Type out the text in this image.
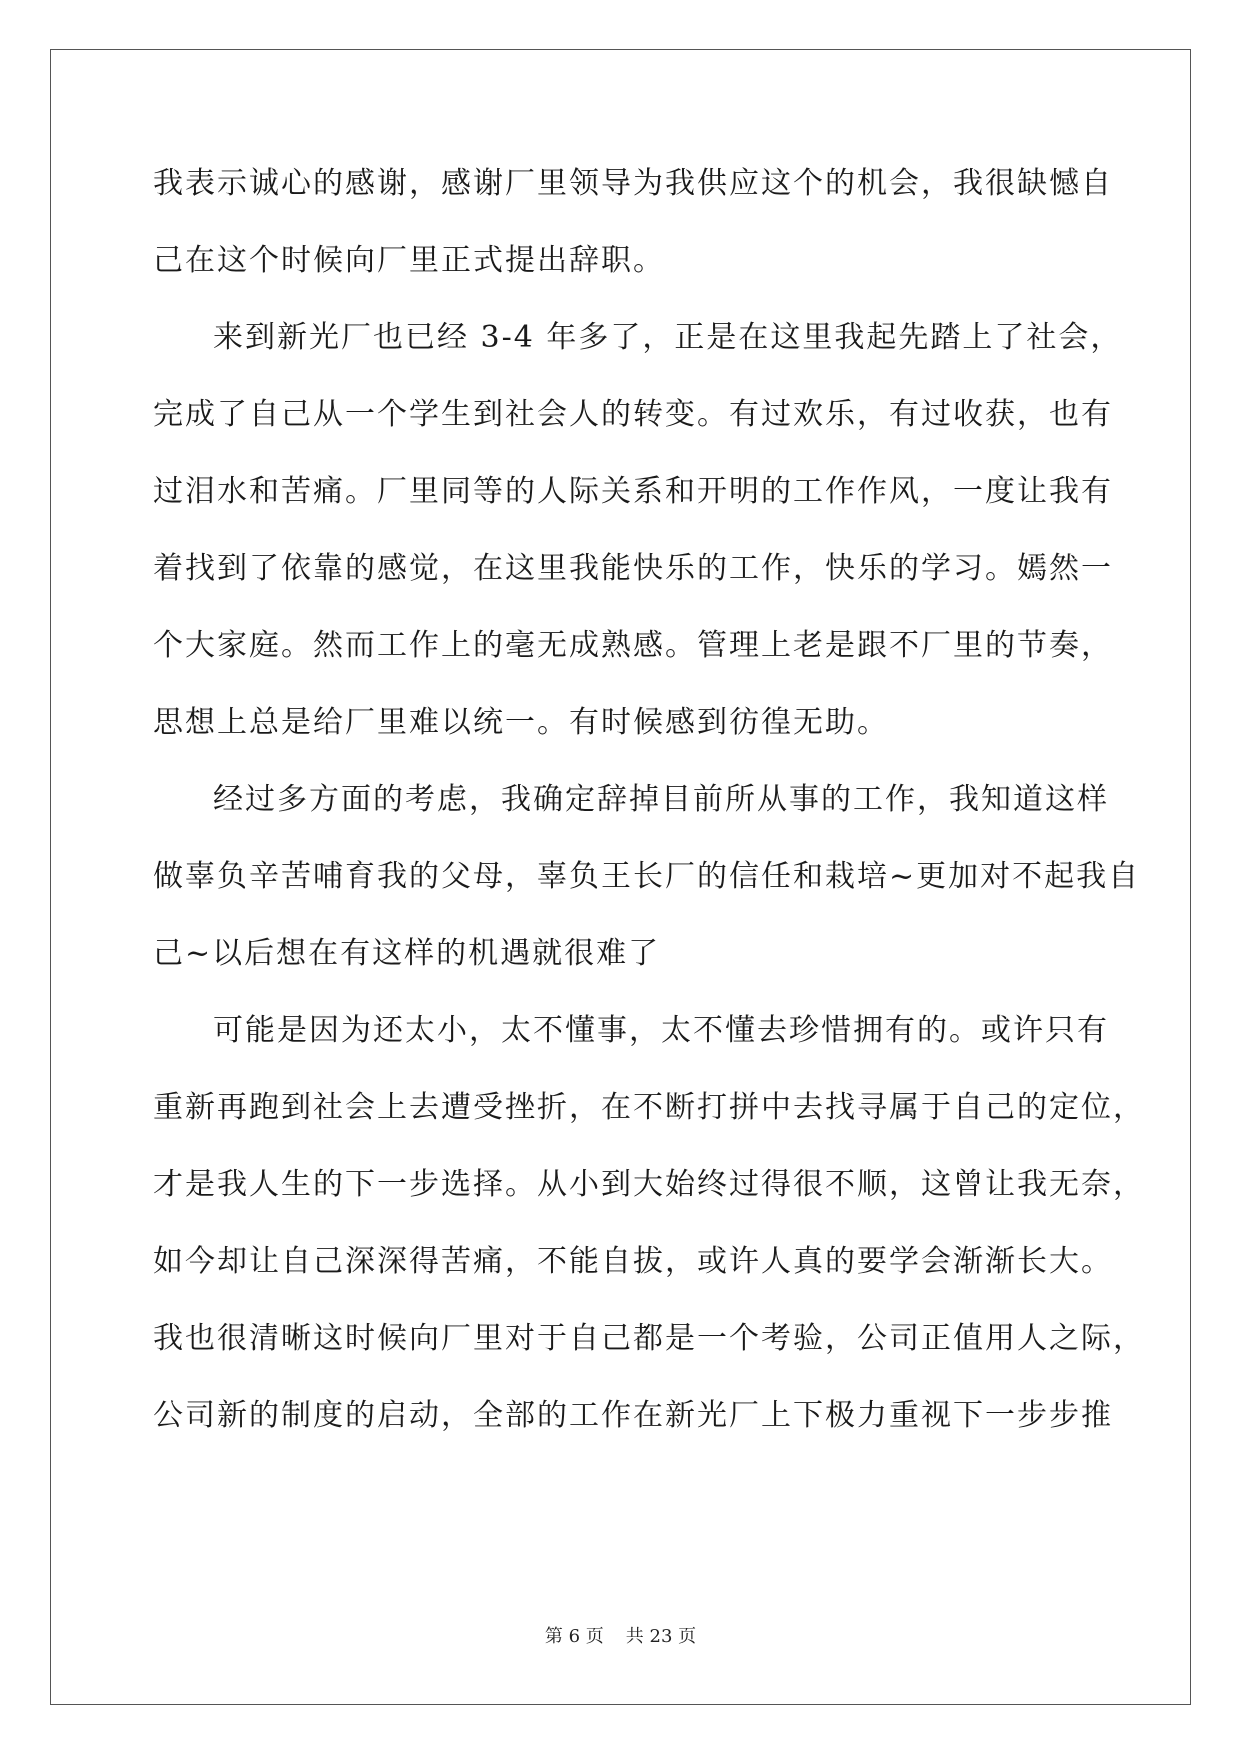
我表示诚心的感谢，感谢厂里领导为我供应这个的机会，我很缺憾自
己在这个时候向厂里正式提出辞职。
来到新光厂也已经 3-4 年多了，正是在这里我起先踏上了社会，
完成了自己从一个学生到社会人的转变。有过欢乐，有过收获，也有
过泪水和苦痛。厂里同等的人际关系和开明的工作作风，一度让我有
着找到了依靠的感觉，在这里我能快乐的工作，快乐的学习。嫣然一
个大家庭。然而工作上的毫无成熟感。管理上老是跟不厂里的节奏，
思想上总是给厂里难以统一。有时候感到彷徨无助。
经过多方面的考虑，我确定辞掉目前所从事的工作，我知道这样
做辜负辛苦哺育我的父母，辜负王长厂的信任和栽培~更加对不起我自
己~以后想在有这样的机遇就很难了
可能是因为还太小，太不懂事，太不懂去珍惜拥有的。或许只有
重新再跑到社会上去遭受挫折，在不断打拼中去找寻属于自己的定位，
才是我人生的下一步选择。从小到大始终过得很不顺，这曾让我无奈，
如今却让自己深深得苦痛，不能自拔，或许人真的要学会渐渐长大。
我也很清晰这时候向厂里对于自己都是一个考验，公司正值用人之际，
公司新的制度的启动，全部的工作在新光厂上下极力重视下一步步推
第 6 页 共 23 页
